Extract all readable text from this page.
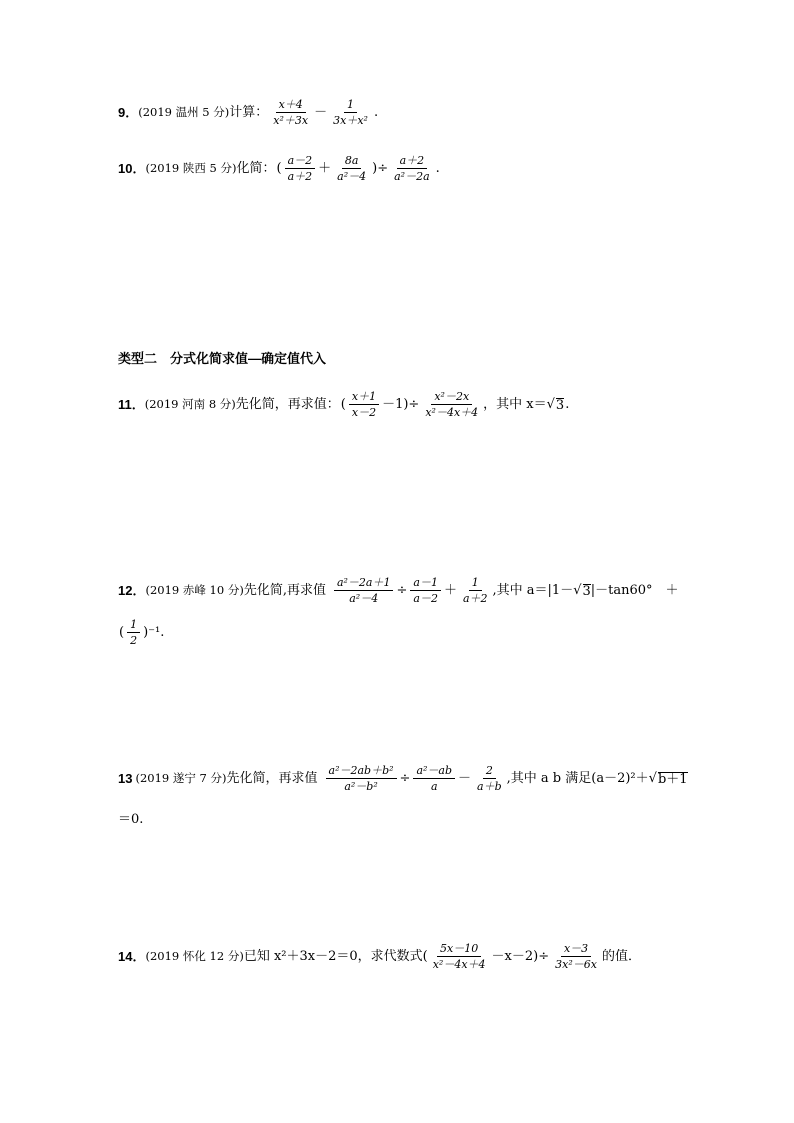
9． (2019 温州 5 分) 计算： $\frac{x+4}{\text{x²＋3x}} - \frac{1}{\text{3x＋x²}}$ .
10． (2019 陕西 5 分) 化简： ( $\frac{a-2}{a+2} + \frac{8a}{\text{a²－4}}$ )÷ $\frac{a+2}{\text{a²－2a}}$ .
类型二　分式化简求值—确定值代入
11． (2019 河南 8 分) 先化简，再求值： ( $\frac{x+1}{x-2} -1)\div \frac{\text{x²－2x}}{\text{x²－4x＋4}}$ ，其中 x＝ √ 3 .
12． (2019 赤峰 10 分) 先化简,再求值 $\frac{\text{a²－2a＋1}}{\text{a²－4}} \div \frac{a-1}{a-2} + \frac{1}{a+2}$ ,其中 a＝|1－ √ 3 |－tan60°　＋
( $\frac{1}{2} )^{-1}$.
13 (2019 遂宁 7 分) 先化简，再求值 $\frac{\text{a²－2ab＋b²}}{\text{a²－b²}} \div \frac{\text{a²－ab}}{a} - \frac{2}{a+b}$ ,其中 a b 满足(a－2)²＋ √ b＋1
＝0.
14． (2019 怀化 12 分) 已知 x²＋3x－2＝0，求代数式( $\frac{5x-10}{\text{x²－4x＋4}} -x-2)\div \frac{x-3}{\text{3x²－6x}}$ 的值．
